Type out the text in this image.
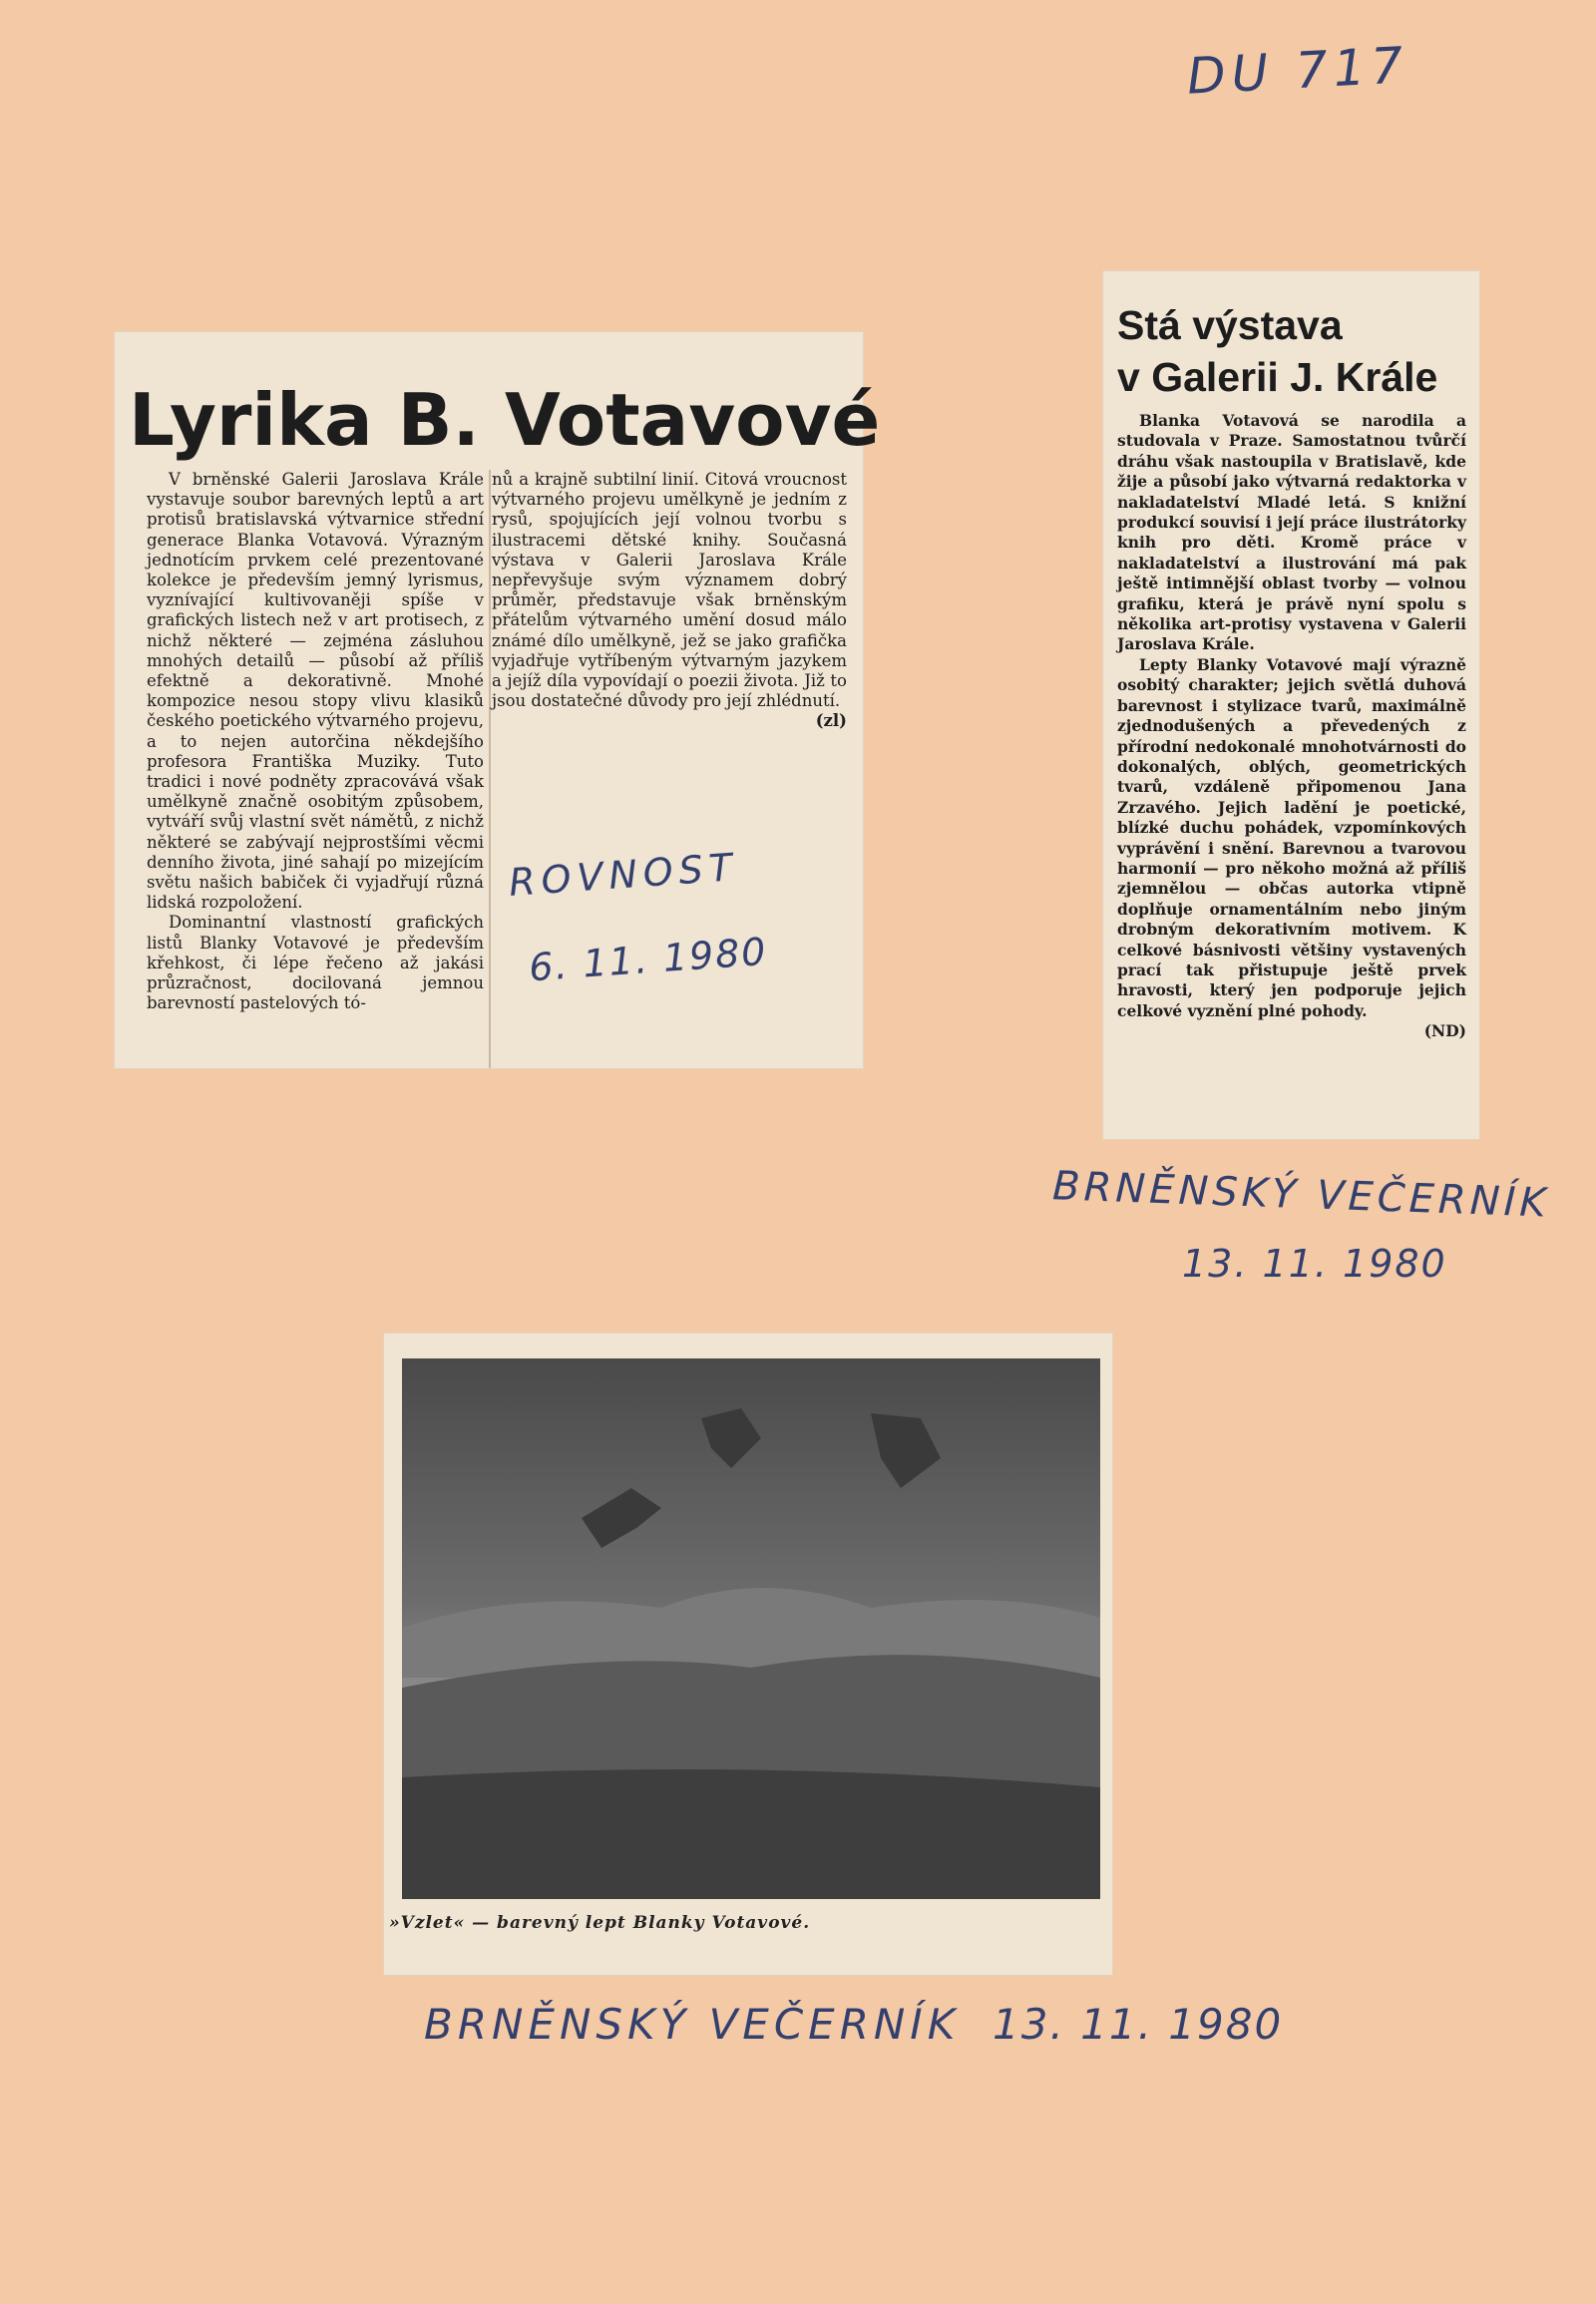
DU 717
Lyrika B. Votavové

V brněnské Galerii Jaroslava Krále vystavuje soubor barevných leptů a art protisů bratislavská výtvarnice střední generace Blanka Votavová. Výrazným jednotícím prvkem celé prezentované kolekce je především jemný lyrismus, vyznívající kultivovaněji spíše v grafických listech než v art protisech, z nichž některé — zejména zásluhou mnohých detailů — působí až příliš efektně a dekorativně. Mnohé kompozice nesou stopy vlivu klasiků českého poetického výtvarného projevu, a to nejen autorčina někdejšího profesora Františka Muziky. Tuto tradici i nové podněty zpracovává však umělkyně značně osobitým způsobem, vytváří svůj vlastní svět námětů, z nichž některé se zabývají nejprostšími věcmi denního života, jiné sahají po mizejícím světu našich babiček či vyjadřují různá lidská rozpoložení.

Dominantní vlastností grafických listů Blanky Votavové je především křehkost, či lépe řečeno až jakási průzračnost, docilovaná jemnou barevností pastelových tó-

nů a krajně subtilní linií. Citová vroucnost výtvarného projevu umělkyně je jedním z rysů, spojujících její volnou tvorbu s ilustracemi dětské knihy. Současná výstava v Galerii Jaroslava Krále nepřevyšuje svým významem dobrý průměr, představuje však brněnským přátelům výtvarného umění dosud málo známé dílo umělkyně, jež se jako grafička vyjadřuje vytříbeným výtvarným jazykem a jejíž díla vypovídají o poezii života. Již to jsou dostatečné důvody pro její zhlédnutí.

(zl)
ROVNOST
6. 11. 1980
Stá výstava
v Galerii J. Krále

Blanka Votavová se narodila a studovala v Praze. Samostatnou tvůrčí dráhu však nastoupila v Bratislavě, kde žije a působí jako výtvarná redaktorka v nakladatelství Mladé letá. S knižní produkcí souvisí i její práce ilustrátorky knih pro děti. Kromě práce v nakladatelství a ilustrování má pak ještě intimnější oblast tvorby — volnou grafiku, která je právě nyní spolu s několika art-protisy vystavena v Galerii Jaroslava Krále.

Lepty Blanky Votavové mají výrazně osobitý charakter; jejich světlá duhová barevnost i stylizace tvarů, maximálně zjednodušených a převedených z přírodní nedokonalé mnohotvárnosti do dokonalých, oblých, geometrických tvarů, vzdáleně připomenou Jana Zrzavého. Jejich ladění je poetické, blízké duchu pohádek, vzpomínkových vyprávění i snění. Barevnou a tvarovou harmonií — pro někoho možná až příliš zjemnělou — občas autorka vtipně doplňuje ornamentálním nebo jiným drobným dekorativním motivem. K celkové básnivosti většiny vystavených prací tak přistupuje ještě prvek hravosti, který jen podporuje jejich celkové vyznění plné pohody.

(ND)
BRNĚNSKÝ VEČERNÍK
13. 11. 1980
»Vzlet« — barevný lept Blanky Votavové.
BRNĚNSKÝ VEČERNÍK 13. 11. 1980
